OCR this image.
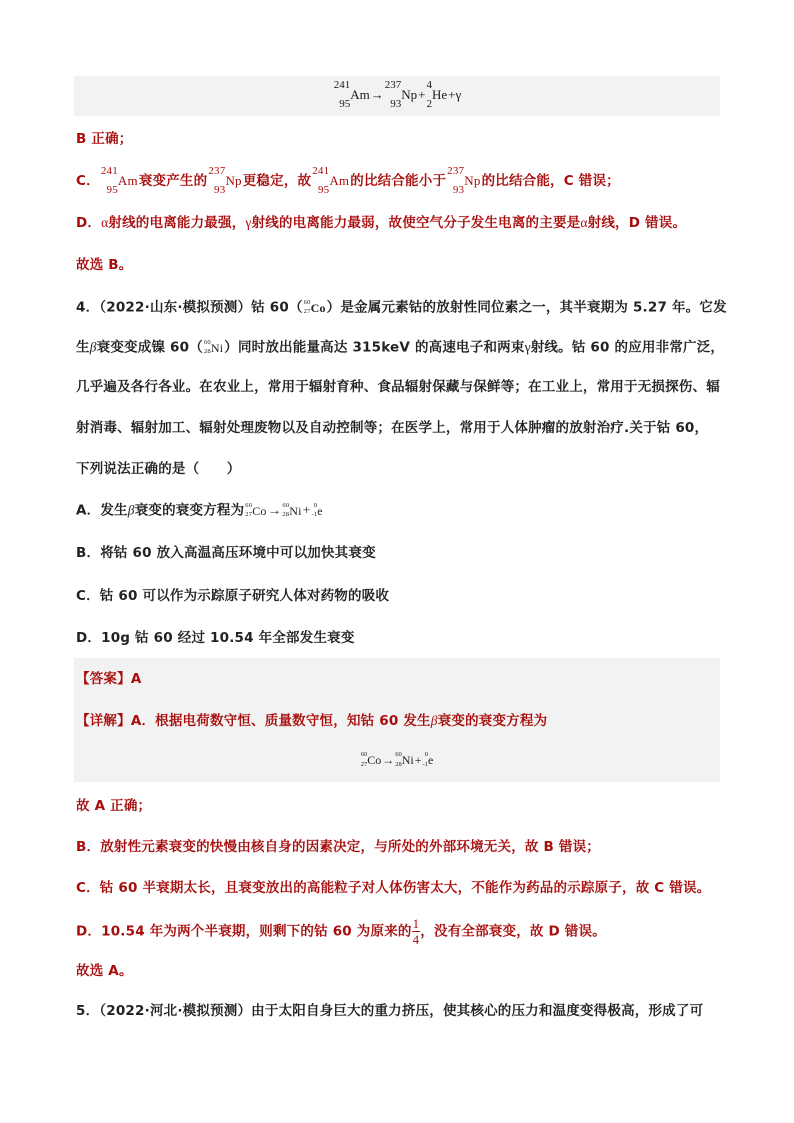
241
95
Am→
237
93
Np+
4
2
He+γ
B 正确；
C．
241
95
Am衰变产生的
237
93
Np更稳定，故
241
95
Am的比结合能小于
237
93
Np的比结合能，C 错误；
D．α射线的电离能力最强，γ射线的电离能力最弱，故使空气分子发生电离的主要是α射线，D 错误。
故选 B。
4．（2022·山东·模拟预测）钴 60（ 60
27 Co）是金属元素钴的放射性同位素之一，其半衰期为 5.27 年。它发
生β衰变变成镍 60（ 60
28 Ni）同时放出能量高达 315keV 的高速电子和两束γ射线。钴 60 的应用非常广泛，
几乎遍及各行各业。在农业上，常用于辐射育种、食品辐射保藏与保鲜等；在工业上，常用于无损探伤、辐
射消毒、辐射加工、辐射处理废物以及自动控制等；在医学上，常用于人体肿瘤的放射治疗.关于钴 60，
下列说法正确的是（　　）
A．发生β衰变的衰变方程为 60
27 Co→ 60
28 Ni+ 0
-1 e
B．将钴 60 放入高温高压环境中可以加快其衰变
C．钴 60 可以作为示踪原子研究人体对药物的吸收
D．10g 钴 60 经过 10.54 年全部发生衰变
【答案】A
【详解】A．根据电荷数守恒、质量数守恒，知钴 60 发生β衰变的衰变方程为
60
27 Co→ 60
28 Ni+ 0
-1 e
故 A 正确；
B．放射性元素衰变的快慢由核自身的因素决定，与所处的外部环境无关，故 B 错误；
C．钴 60 半衰期太长，且衰变放出的高能粒子对人体伤害太大，不能作为药品的示踪原子，故 C 错误。
D．10.54 年为两个半衰期，则剩下的钴 60 为原来的 $\frac{1}{4}$ ，没有全部衰变，故 D 错误。
故选 A。
5．（2022·河北·模拟预测）由于太阳自身巨大的重力挤压，使其核心的压力和温度变得极高，形成了可
